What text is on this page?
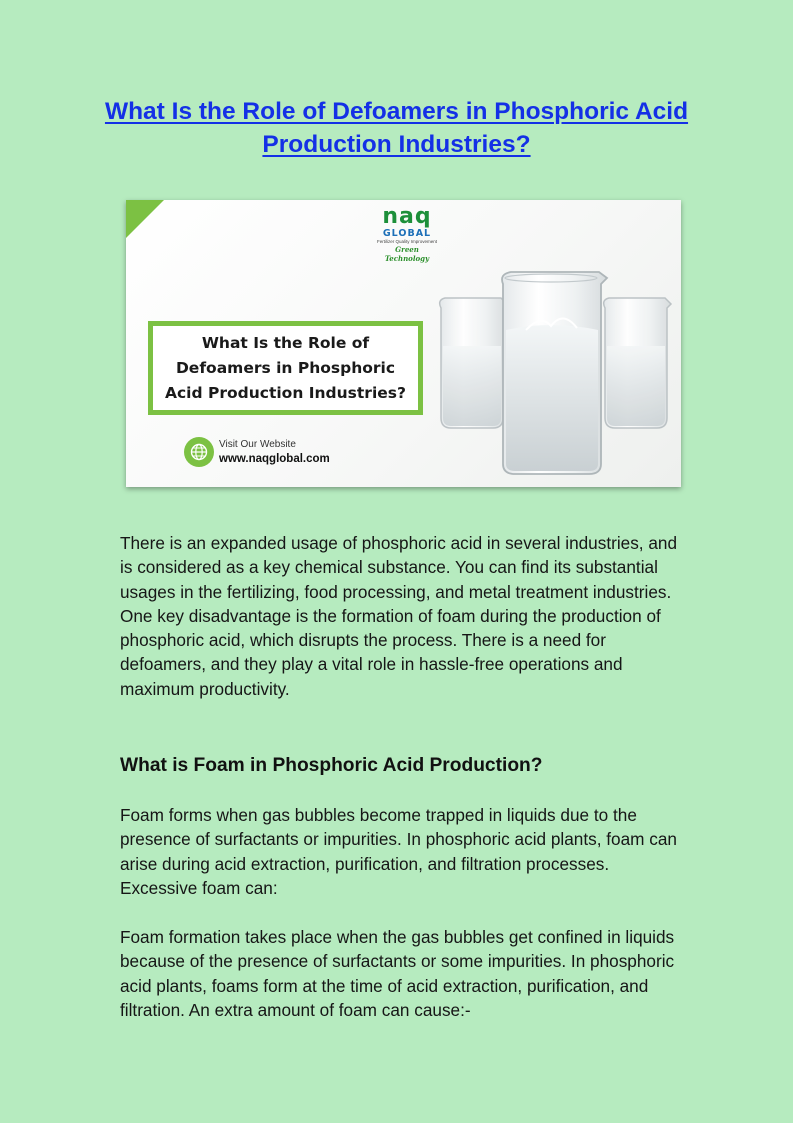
What Is the Role of Defoamers in Phosphoric Acid Production Industries?
naq
GLOBAL
Fertilizer Quality Improvement
Green Technology
What Is the Role of Defoamers in Phosphoric Acid Production Industries?
Visit Our Website
www.naqglobal.com

There is an expanded usage of phosphoric acid in several industries, and is considered as a key chemical substance. You can find its substantial usages in the fertilizing, food processing, and metal treatment industries. One key disadvantage is the formation of foam during the production of phosphoric acid, which disrupts the process. There is a need for defoamers, and they play a vital role in hassle-free operations and maximum productivity.

What is Foam in Phosphoric Acid Production?

Foam forms when gas bubbles become trapped in liquids due to the presence of surfactants or impurities. In phosphoric acid plants, foam can arise during acid extraction, purification, and filtration processes. Excessive foam can:

Foam formation takes place when the gas bubbles get confined in liquids because of the presence of surfactants or some impurities. In phosphoric acid plants, foams form at the time of acid extraction, purification, and filtration. An extra amount of foam can cause:-
